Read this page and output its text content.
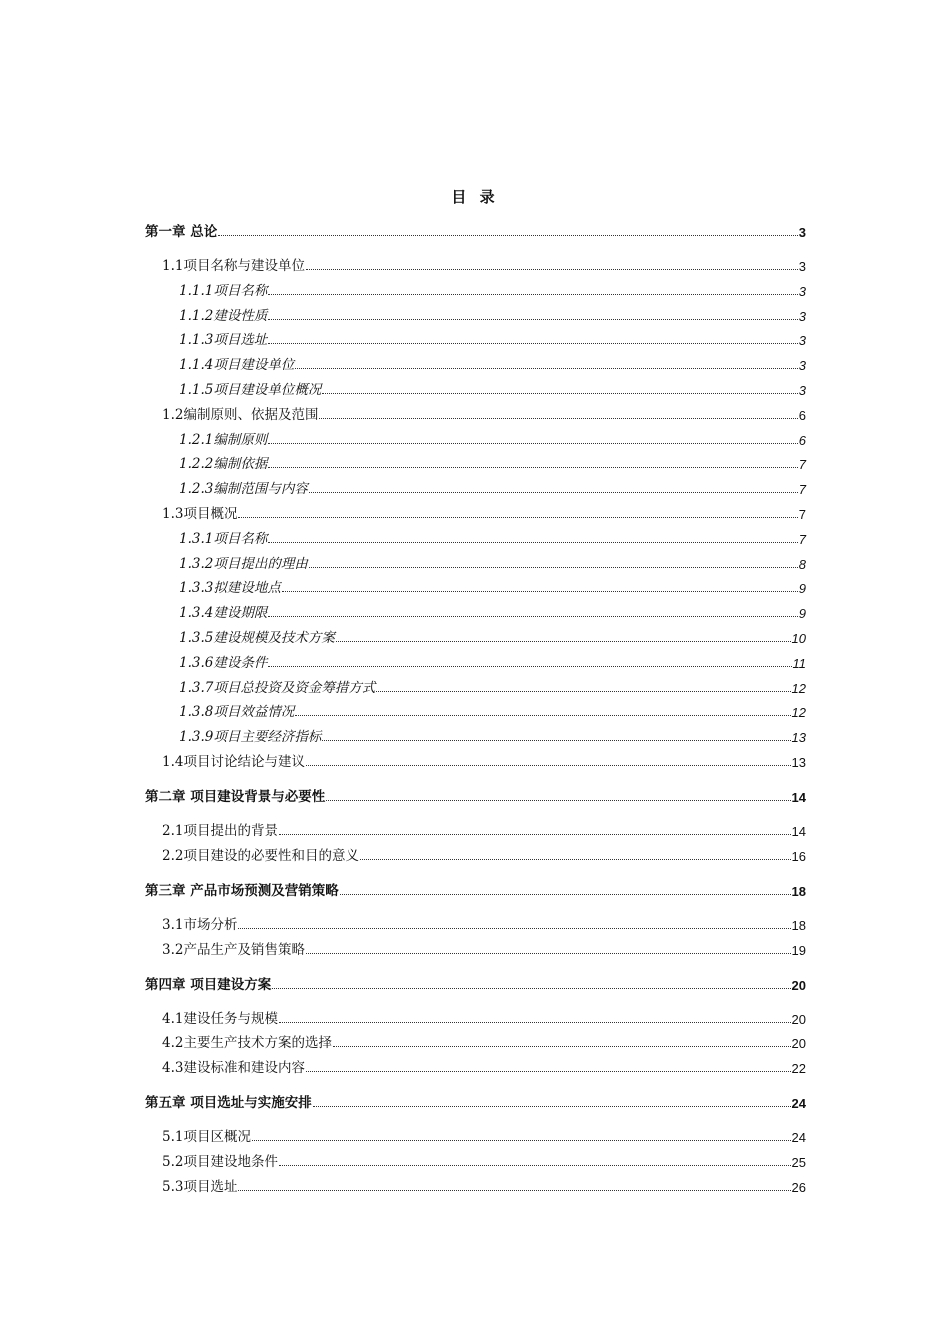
目 录
第一章 总论	3
1.1项目名称与建设单位	3
1.1.1项目名称	3
1.1.2建设性质	3
1.1.3项目选址	3
1.1.4项目建设单位	3
1.1.5项目建设单位概况	3
1.2编制原则、依据及范围	6
1.2.1编制原则	6
1.2.2编制依据	7
1.2.3编制范围与内容	7
1.3项目概况	7
1.3.1项目名称	7
1.3.2项目提出的理由	8
1.3.3拟建设地点	9
1.3.4建设期限	9
1.3.5建设规模及技术方案	10
1.3.6建设条件	11
1.3.7项目总投资及资金筹措方式	12
1.3.8项目效益情况	12
1.3.9项目主要经济指标	13
1.4项目讨论结论与建议	13
第二章 项目建设背景与必要性	14
2.1项目提出的背景	14
2.2项目建设的必要性和目的意义	16
第三章 产品市场预测及营销策略	18
3.1市场分析	18
3.2产品生产及销售策略	19
第四章 项目建设方案	20
4.1建设任务与规模	20
4.2主要生产技术方案的选择	20
4.3建设标准和建设内容	22
第五章 项目选址与实施安排	24
5.1项目区概况	24
5.2项目建设地条件	25
5.3项目选址	26
